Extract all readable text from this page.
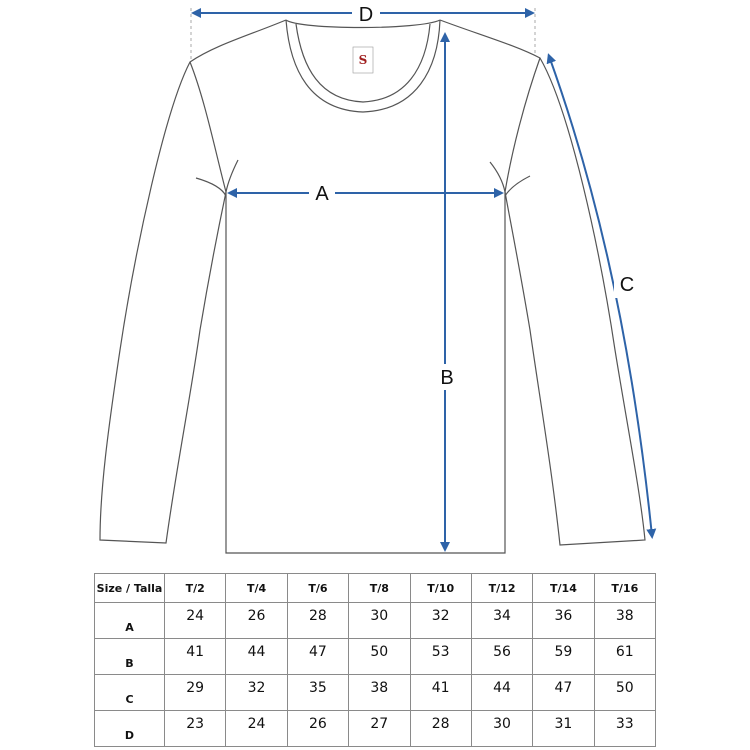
S
D
A
B
C
Size / Talla	T/2	T/4	T/6	T/8	T/10	T/12	T/14	T/16
A	24	26	28	30	32	34	36	38
B	41	44	47	50	53	56	59	61
C	29	32	35	38	41	44	47	50
D	23	24	26	27	28	30	31	33
